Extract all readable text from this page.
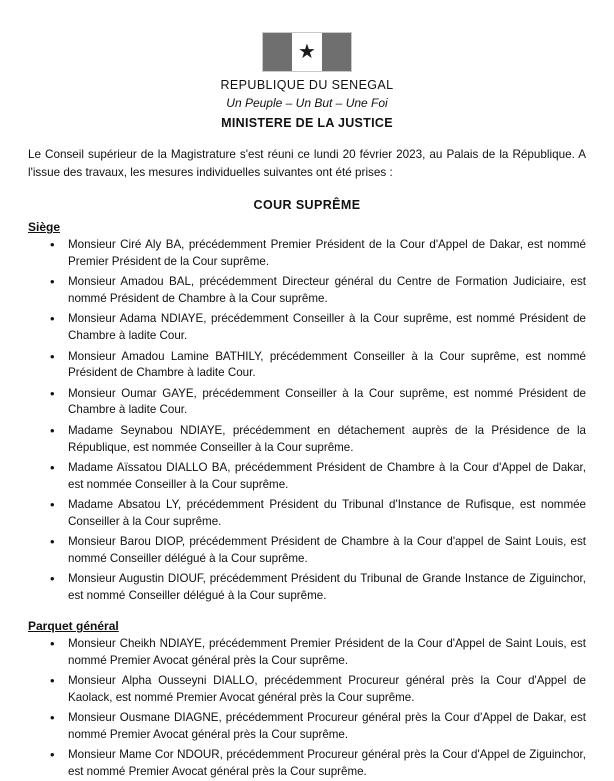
★
REPUBLIQUE DU SENEGAL
Un Peuple – Un But – Une Foi
MINISTERE DE LA JUSTICE

Le Conseil supérieur de la Magistrature s'est réuni ce lundi 20 février 2023, au Palais de la République. A l'issue des travaux, les mesures individuelles suivantes ont été prises :

COUR SUPRÊME
Siège
• Monsieur Ciré Aly BA, précédemment Premier Président de la Cour d'Appel de Dakar, est nommé Premier Président de la Cour suprême.
• Monsieur Amadou BAL, précédemment Directeur général du Centre de Formation Judiciaire, est nommé Président de Chambre à la Cour suprême.
• Monsieur Adama NDIAYE, précédemment Conseiller à la Cour suprême, est nommé Président de Chambre à ladite Cour.
• Monsieur Amadou Lamine BATHILY, précédemment Conseiller à la Cour suprême, est nommé Président de Chambre à ladite Cour.
• Monsieur Oumar GAYE, précédemment Conseiller à la Cour suprême, est nommé Président de Chambre à ladite Cour.
• Madame Seynabou NDIAYE, précédemment en détachement auprès de la Présidence de la République, est nommée Conseiller à la Cour suprême.
• Madame Aïssatou DIALLO BA, précédemment Président de Chambre à la Cour d'Appel de Dakar, est nommée Conseiller à la Cour suprême.
• Madame Absatou LY, précédemment Président du Tribunal d'Instance de Rufisque, est nommée Conseiller à la Cour suprême.
• Monsieur Barou DIOP, précédemment Président de Chambre à la Cour d'appel de Saint Louis, est nommé Conseiller délégué à la Cour suprême.
• Monsieur Augustin DIOUF, précédemment Président du Tribunal de Grande Instance de Ziguinchor, est nommé Conseiller délégué à la Cour suprême.
Parquet général
• Monsieur Cheikh NDIAYE, précédemment Premier Président de la Cour d'Appel de Saint Louis, est nommé Premier Avocat général près la Cour suprême.
• Monsieur Alpha Ousseyni DIALLO, précédemment Procureur général près la Cour d'Appel de Kaolack, est nommé Premier Avocat général près la Cour suprême.
• Monsieur Ousmane DIAGNE, précédemment Procureur général près la Cour d'Appel de Dakar, est nommé Premier Avocat général près la Cour suprême.
• Monsieur Mame Cor NDOUR, précédemment Procureur général près la Cour d'Appel de Ziguinchor, est nommé Premier Avocat général près la Cour suprême.
